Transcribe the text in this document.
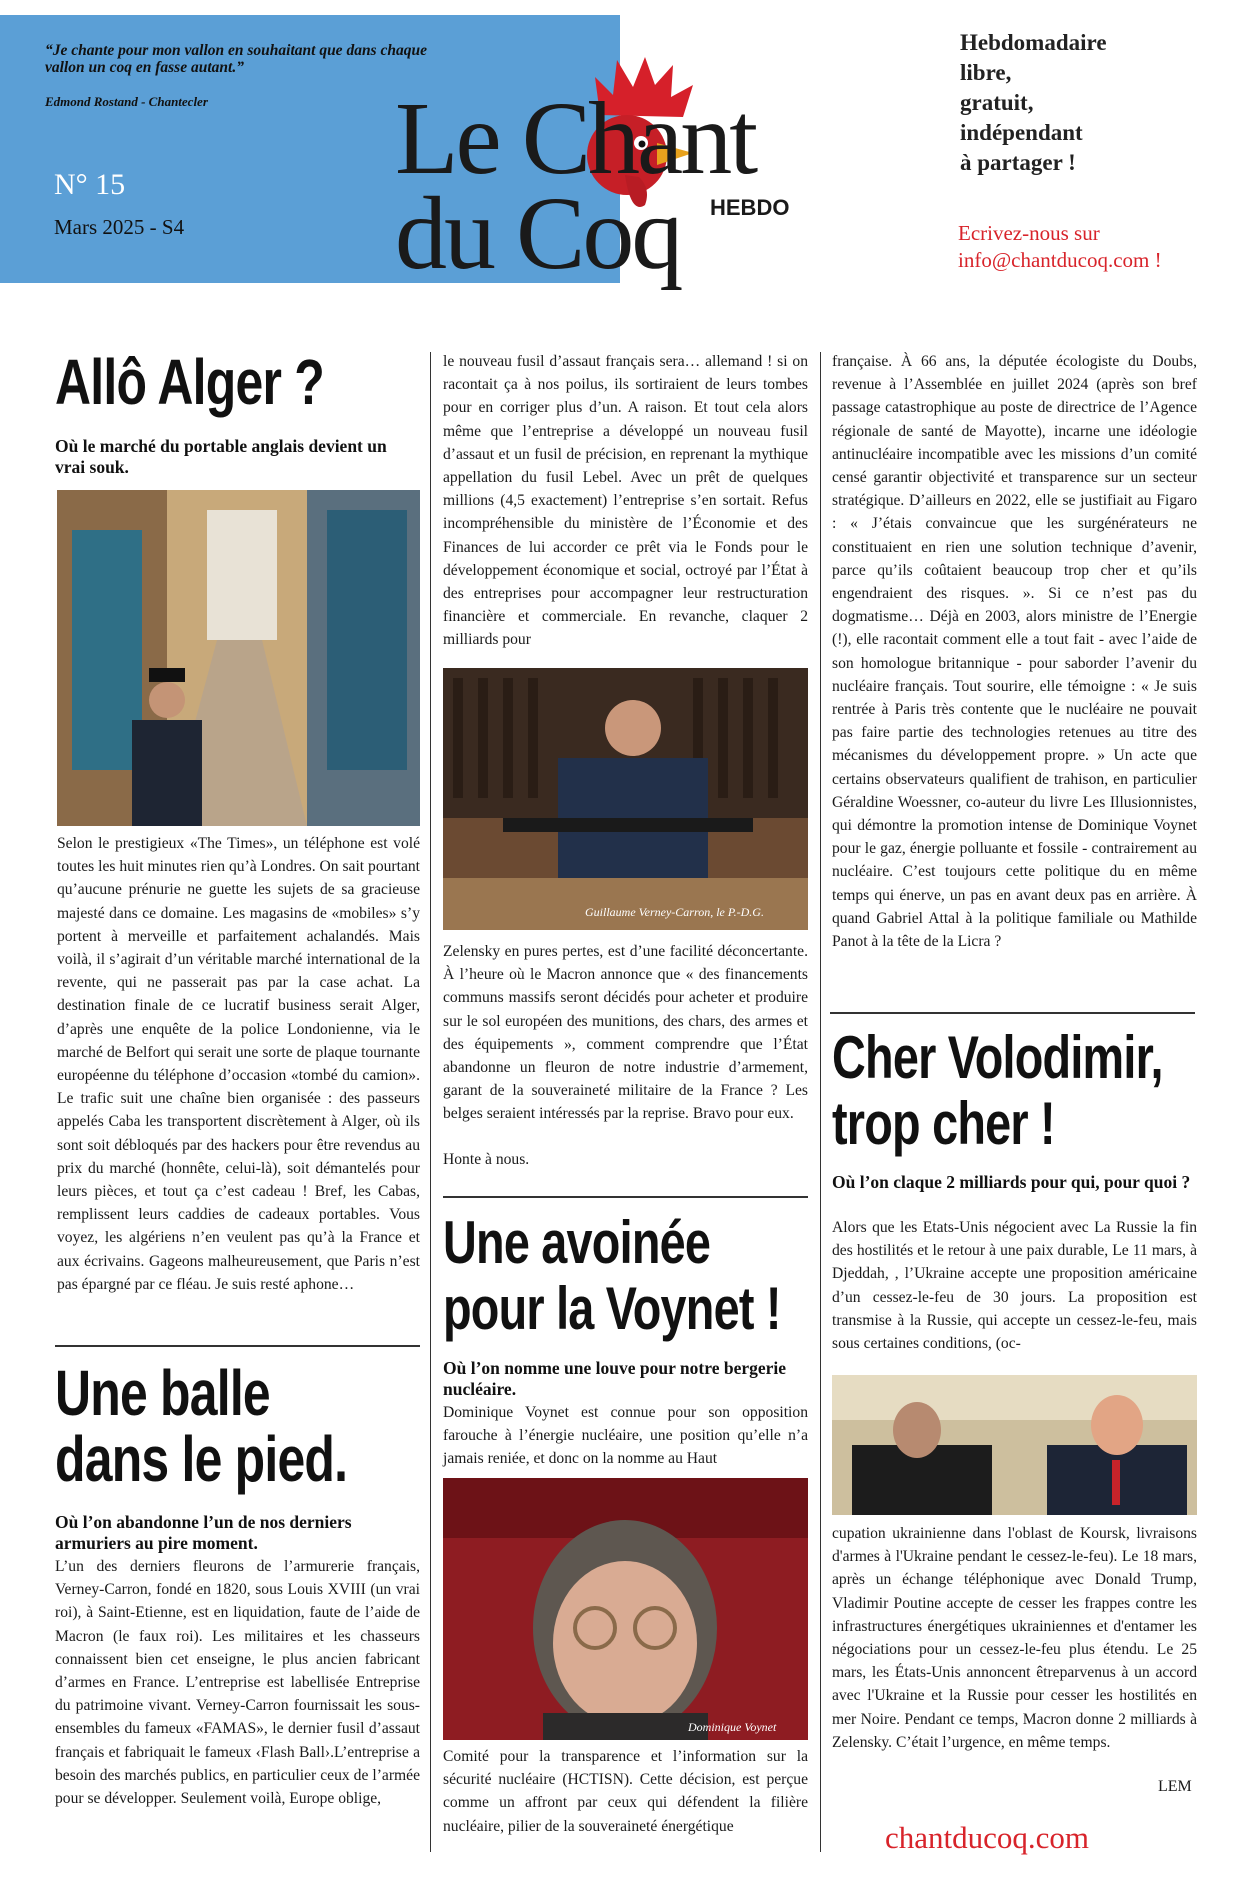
“Je chante pour mon vallon en souhaitant que dans chaque vallon un coq en fasse autant.”
Edmond Rostand - Chantecler
N° 15
Mars 2025 - S4
Le Chant
du Coq HEBDO
Hebdomadaire
libre,
gratuit,
indépendant
à partager !
Ecrivez-nous sur
info@chantducoq.com !
Allô Alger ?
Où le marché du portable anglais devient un vrai souk.
Selon le prestigieux «The Times», un téléphone est volé toutes les huit minutes rien qu’à Londres. On sait pourtant qu’aucune prénurie ne guette les sujets de sa gracieuse majesté dans ce domaine. Les magasins de «mobiles» s’y portent à merveille et parfaitement achalandés. Mais voilà, il s’agirait d’un véritable marché international de la revente, qui ne passerait pas par la case achat. La destination finale de ce lucratif business serait Alger, d’après une enquête de la police Londonienne, via le marché de Belfort qui serait une sorte de plaque tournante européenne du téléphone d’occasion «tombé du camion». Le trafic suit une chaîne bien organisée : des passeurs appelés Caba les transportent discrètement à Alger, où ils sont soit débloqués par des hackers pour être revendus au prix du marché (honnête, celui-là), soit démantelés pour leurs pièces, et tout ça c’est cadeau ! Bref, les Cabas, remplissent leurs caddies de cadeaux portables. Vous voyez, les algériens n’en veulent pas qu’à la France et aux écrivains. Gageons malheureusement, que Paris n’est pas épargné par ce fléau. Je suis resté aphone…
Une balle
dans le pied.
Où l’on abandonne l’un de nos derniers armuriers au pire moment.
L’un des derniers fleurons de l’armurerie français, Verney-Carron, fondé en 1820, sous Louis XVIII (un vrai roi), à Saint-Etienne, est en liquidation, faute de l’aide de Macron (le faux roi). Les militaires et les chasseurs connaissent bien cet enseigne, le plus ancien fabricant d’armes en France. L’entreprise est labellisée Entreprise du patrimoine vivant. Verney-Carron fournissait les sous-ensembles du fameux «FAMAS», le dernier fusil d’assaut français et fabriquait le fameux ‹Flash Ball›.L’entreprise a besoin des marchés publics, en particulier ceux de l’armée pour se développer. Seulement voilà, Europe oblige,
le nouveau fusil d’assaut français sera… allemand ! si on racontait ça à nos poilus, ils sortiraient de leurs tombes pour en corriger plus d’un. A raison. Et tout cela alors même que l’entreprise a développé un nouveau fusil d’assaut et un fusil de précision, en reprenant la mythique appellation du fusil Lebel. Avec un prêt de quelques millions (4,5 exactement) l’entreprise s’en sortait. Refus incompréhensible du ministère de l’Économie et des Finances de lui accorder ce prêt via le Fonds pour le développement économique et social, octroyé par l’État à des entreprises pour accompagner leur restructuration financière et commerciale. En revanche, claquer 2 milliards pour
Guillaume Verney-Carron, le P.-D.G.
Zelensky en pures pertes, est d’une facilité déconcertante. À l’heure où le Macron annonce que « des financements communs massifs seront décidés pour acheter et produire sur le sol européen des munitions, des chars, des armes et des équipements », comment comprendre que l’État abandonne un fleuron de notre industrie d’armement, garant de la souveraineté militaire de la France ? Les belges seraient intéressés par la reprise. Bravo pour eux.
Honte à nous.
Une avoinée
pour la Voynet !
Où l’on nomme une louve pour notre bergerie nucléaire.
Dominique Voynet est connue pour son opposition farouche à l’énergie nucléaire, une position qu’elle n’a jamais reniée, et donc on la nomme au Haut
Dominique Voynet
Comité pour la transparence et l’information sur la sécurité nucléaire (HCTISN). Cette décision, est perçue comme un affront par ceux qui défendent la filière nucléaire, pilier de la souveraineté énergétique
française. À 66 ans, la députée écologiste du Doubs, revenue à l’Assemblée en juillet 2024 (après son bref passage catastrophique au poste de directrice de l’Agence régionale de santé de Mayotte), incarne une idéologie antinucléaire incompatible avec les missions d’un comité censé garantir objectivité et transparence sur un secteur stratégique. D’ailleurs en 2022, elle se justifiait au Figaro : « J’étais convaincue que les surgénérateurs ne constituaient en rien une solution technique d’avenir, parce qu’ils coûtaient beaucoup trop cher et qu’ils engendraient des risques. ». Si ce n’est pas du dogmatisme… Déjà en 2003, alors ministre de l’Energie (!), elle racontait comment elle a tout fait - avec l’aide de son homologue britannique - pour saborder l’avenir du nucléaire français. Tout sourire, elle témoigne : « Je suis rentrée à Paris très contente que le nucléaire ne pouvait pas faire partie des technologies retenues au titre des mécanismes du développement propre. » Un acte que certains observateurs qualifient de trahison, en particulier Géraldine Woessner, co-auteur du livre Les Illusionnistes, qui démontre la promotion intense de Dominique Voynet pour le gaz, énergie polluante et fossile - contrairement au nucléaire. C’est toujours cette politique du en même temps qui énerve, un pas en avant deux pas en arrière. À quand Gabriel Attal à la politique familiale ou Mathilde Panot à la tête de la Licra ?
Cher Volodimir,
trop cher !
Où l’on claque 2 milliards pour qui, pour quoi ?
Alors que les Etats-Unis négocient avec La Russie la fin des hostilités et le retour à une paix durable, Le 11 mars, à Djeddah, , l’Ukraine accepte une proposition américaine d’un cessez-le-feu de 30 jours. La proposition est transmise à la Russie, qui accepte un cessez-le-feu, mais sous certaines conditions, (oc-
cupation ukrainienne dans l'oblast de Koursk, livraisons d'armes à l'Ukraine pendant le cessez-le-feu). Le 18 mars, après un échange téléphonique avec Donald Trump, Vladimir Poutine accepte de cesser les frappes contre les infrastructures énergétiques ukrainiennes et d'entamer les négociations pour un cessez-le-feu plus étendu. Le 25 mars, les États-Unis annoncent êtreparvenus à un accord avec l'Ukraine et la Russie pour cesser les hostilités en mer Noire. Pendant ce temps, Macron donne 2 milliards à Zelensky. C’était l’urgence, en même temps.
LEM
chantducoq.com
